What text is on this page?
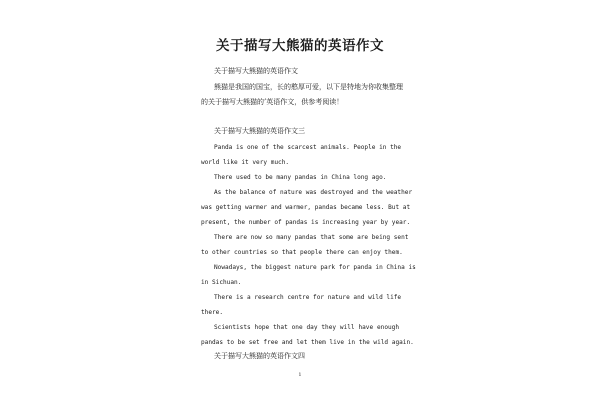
关于描写大熊猫的英语作文
关于描写大熊猫的英语作文
熊猫是我国的国宝，长的憨厚可爱，以下是特地为你收集整理
的关于描写大熊猫的’英语作文，供参考阅读！
关于描写大熊猫的英语作文三
Panda is one of the scarcest animals. People in the
world like it very much.
There used to be many pandas in China long ago.
As the balance of nature was destroyed and the weather
was getting warmer and warmer, pandas became less. But at
present, the number of pandas is increasing year by year.
There are now so many pandas that some are being sent
to other countries so that people there can enjoy them.
Nowadays, the biggest nature park for panda in China is
in Sichuan.
There is a research centre for nature and wild life
there.
Scientists hope that one day they will have enough
pandas to be set free and let them live in the wild again.
关于描写大熊猫的英语作文四
1
